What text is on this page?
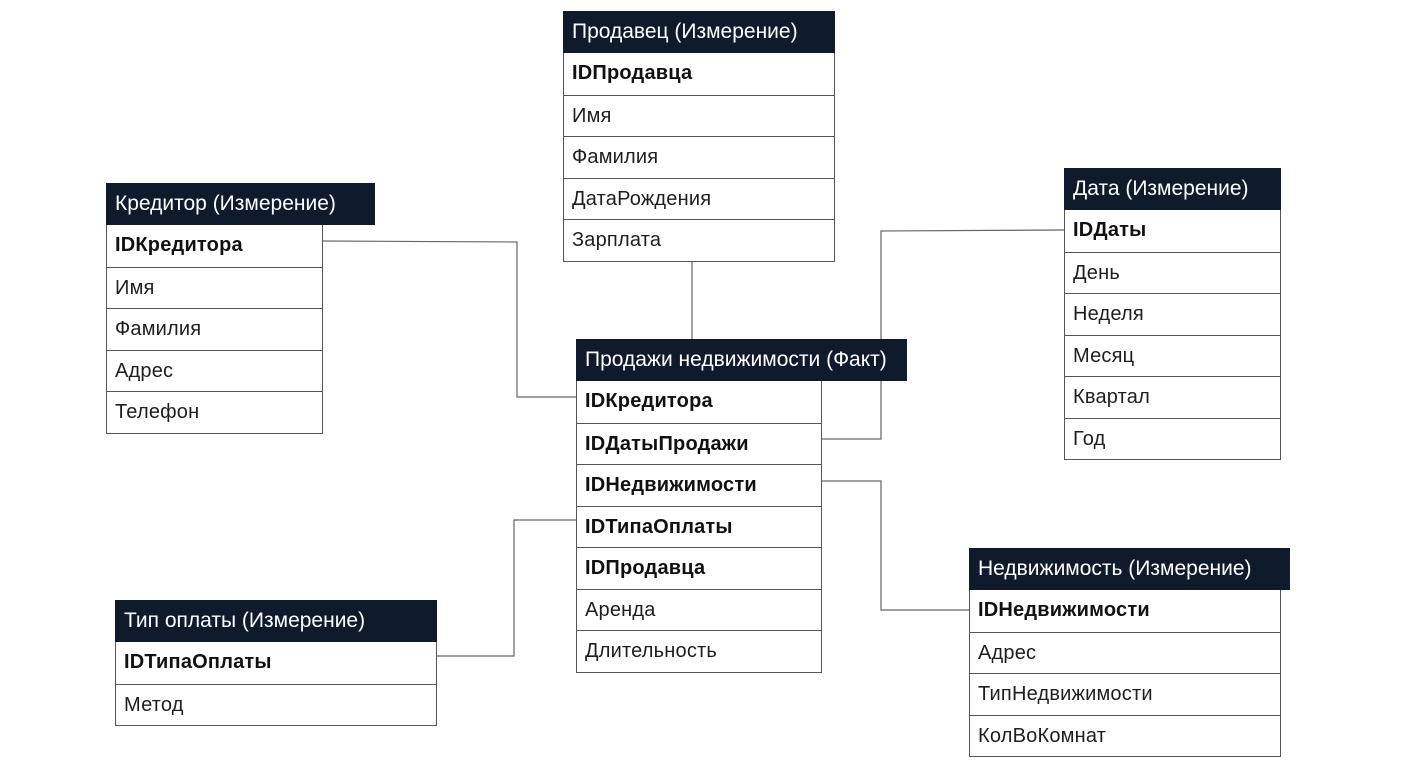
Продавец (Измерение)
IDПродавца
Имя
Фамилия
ДатаРождения
Зарплата
Кредитор (Измерение)
IDКредитора
Имя
Фамилия
Адрес
Телефон
Дата (Измерение)
IDДаты
День
Неделя
Месяц
Квартал
Год
Продажи недвижимости (Факт)
IDКредитора
IDДатыПродажи
IDНедвижимости
IDТипаОплаты
IDПродавца
Аренда
Длительность
Тип оплаты (Измерение)
IDТипаОплаты
Метод
Недвижимость (Измерение)
IDНедвижимости
Адрес
ТипНедвижимости
КолВоКомнат
